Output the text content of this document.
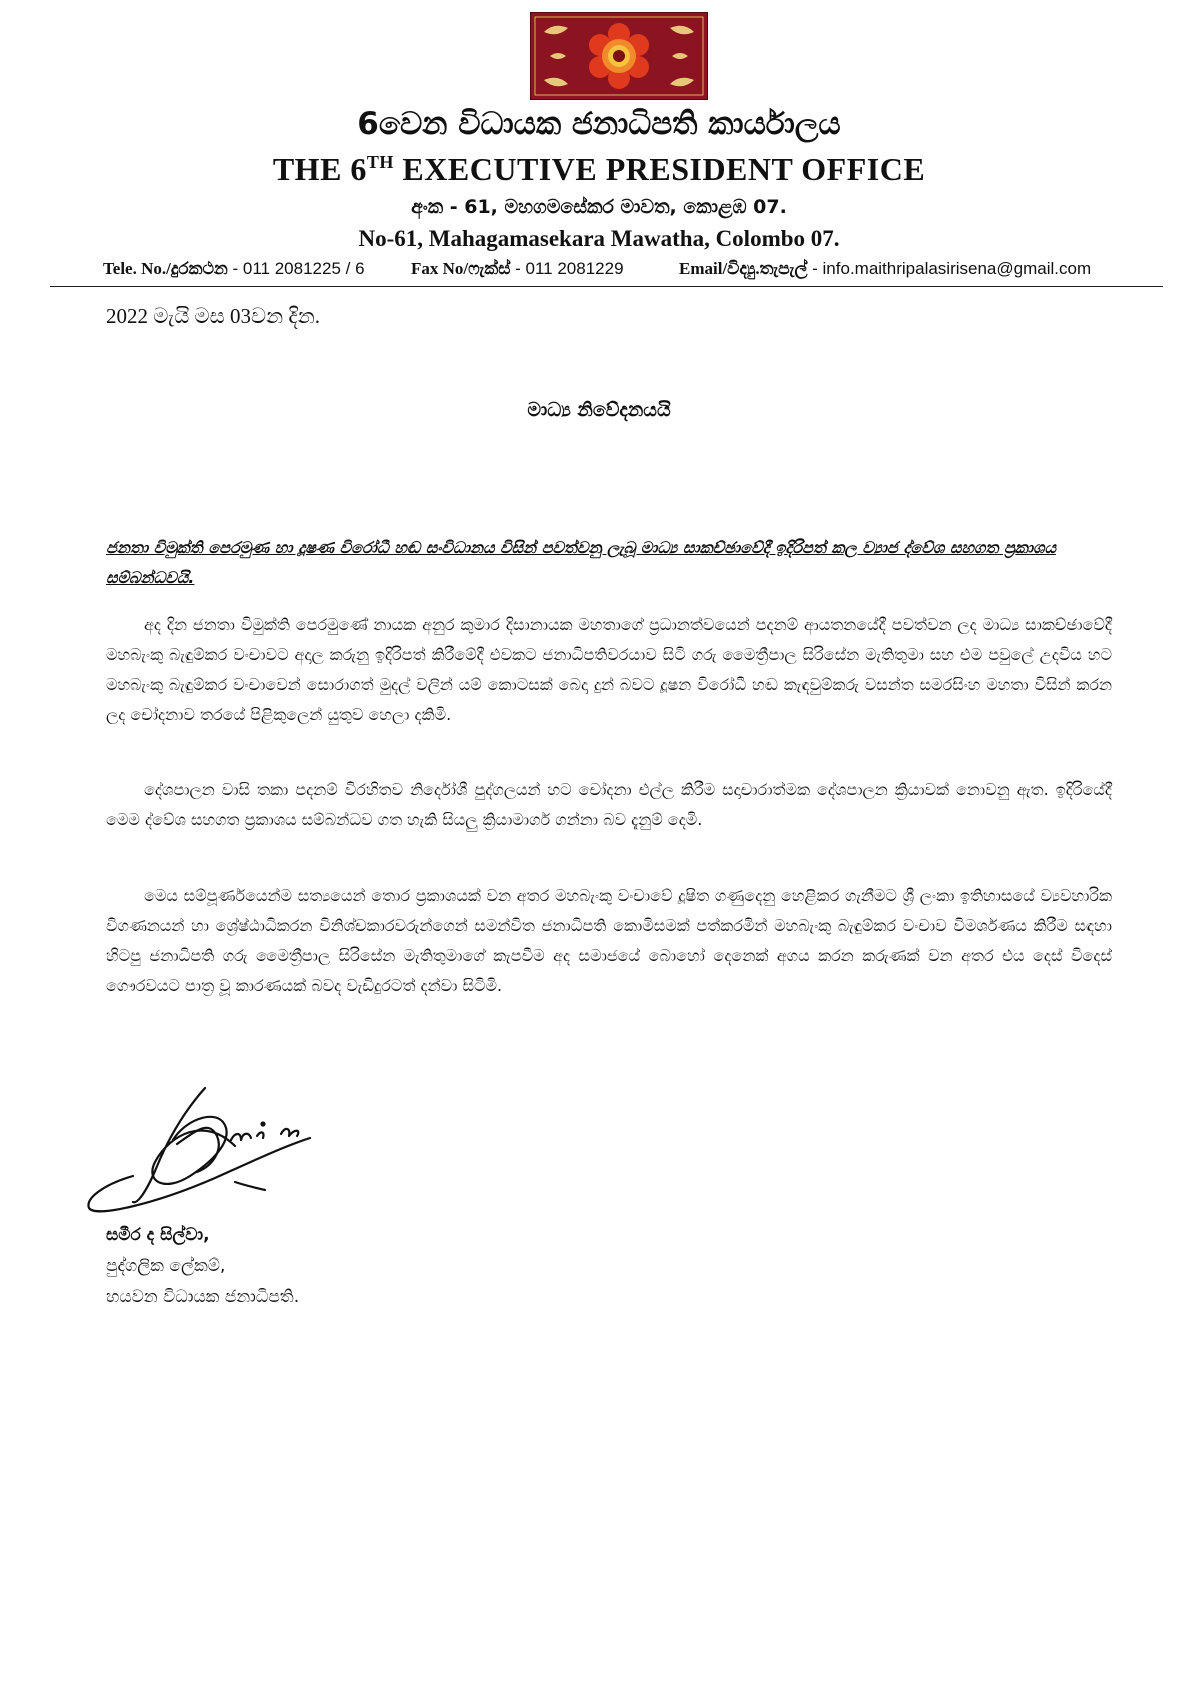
6වෙන විධායක ජනාධිපති කාර්යාලය
THE 6TH EXECUTIVE PRESIDENT OFFICE
අංක - 61, මහගමසේකර මාවත, කොළඹ 07.
No-61, Mahagamasekara Mawatha, Colombo 07.
Tele. No./දුරකථන - 011 2081225 / 6	Fax No/ෆැක්ස් - 011 2081229	Email/විද්‍යු.තැපැල් - info.maithripalasirisena@gmail.com
2022 මැයි මස 03වන දින.
මාධ්‍ය නිවේදනයයි
ජනතා විමුක්ති පෙරමුණ හා දූෂණ විරෝධී හඬ සංවිධානය විසින් පවත්වනු ලැබූ මාධ්‍ය සාකච්ඡාවේදී ඉදිරිපත් කල ව්‍යාජ ද්වේශ සහගත ප්‍රකාශය සම්බන්ධවයි.

අද දින ජනතා විමුක්ති පෙරමුණේ නායක අනුර කුමාර දිසානායක මහතාගේ ප්‍රධානත්වයෙන් පදනම් ආයතනයේදී පවත්වන ලද මාධ්‍ය සාකච්ඡාවේදී මහබැංකු බැඳුම්කර වංචාවට අදාල කරුනු ඉදිරිපත් කිරීමේදී එවකට ජනාධිපතිවරයාව සිටි ගරු මෛත්‍රීපාල සිරිසේන මැතිතුමා සහ එම පවුලේ උදවිය හට මහබැංකු බැඳුම්කර වංචාවෙන් සොරාගත් මුදල් වලින් යම් කොටසක් බෙදා දුන් බවට දූෂන විරෝධී හඬ කැඳවුම්කරු වසන්ත සමරසිංහ මහතා විසින් කරන ලද චෝදනාව තරයේ පිළිකුලෙන් යුතුව හෙලා දකිමි.

දේශපාලන වාසි තකා පදනම් විරහිතව නිර්දෝශී පුද්ගලයන් හට චෝදනා එල්ල කිරීම සදාචාරාත්මක දේශපාලන ක්‍රියාවක් නොවනු ඇත. ඉදිරියේදී මෙම ද්වේශ සහගත ප්‍රකාශය සම්බන්ධව ගත හැකි සියලු ක්‍රියාමාර්ග ගන්නා බව දැනුම් දෙමි.

මෙය සම්පූර්ණයෙන්ම සත්‍යයෙන් තොර ප්‍රකාශයක් වන අතර මහබැංකු වංචාවේ දූෂිත ගණුදෙනු හෙළිකර ගැනීමට ශ්‍රී ලංකා ඉතිහාසයේ ව්‍යවහාරික විගණනයන් හා ශ්‍රේෂ්ඨාධිකරන විනිශ්චකාරවරුන්ගෙන් සමන්විත ජනාධිපති කොමිසමක් පත්කරමින් මහබැංකු බැඳුම්කර වංචාව විමර්ශණය කිරීම සඳහා හිටපු ජනාධිපති ගරු මෛත්‍රීපාල සිරිසේන මැතිතුමාගේ කැපවීම අද සමාජයේ බොහෝ දෙනෙක් අගය කරන කරුණක් වන අතර එය දෙස් විදෙස් ගෞරවයට පාත්‍ර වූ කාරණයක් බවද වැඩිදුරටත් දන්වා සිටිමි.

සමීර ද සිල්වා,
පුද්ගලික ලේකම්,
හයවන විධායක ජනාධිපති.
